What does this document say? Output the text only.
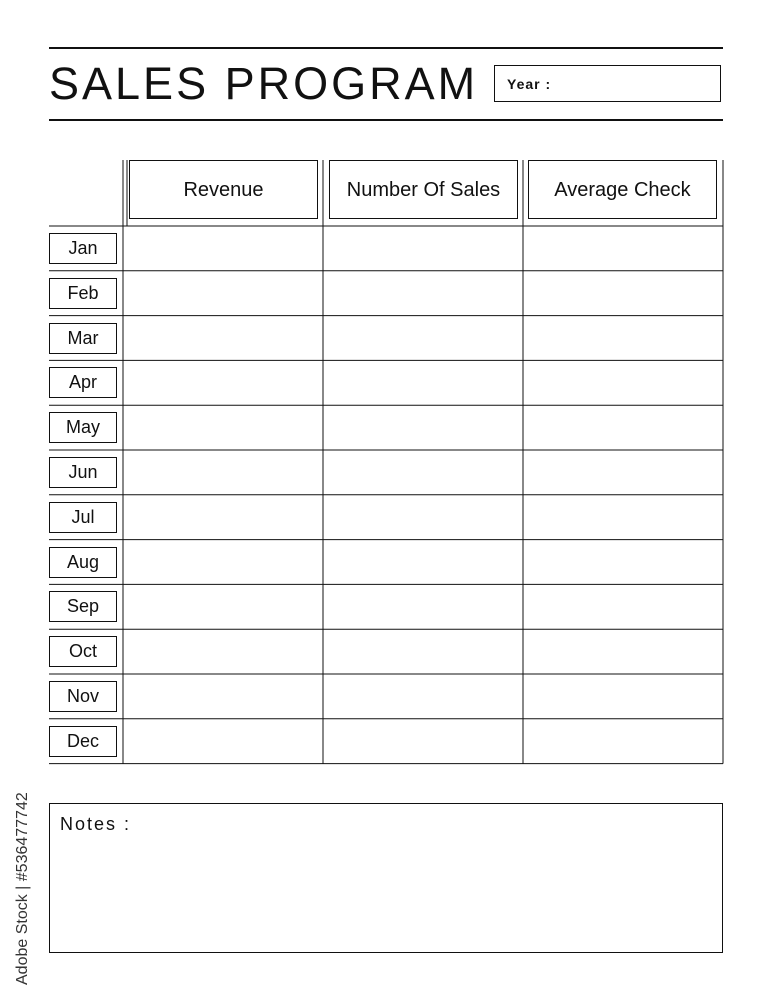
SALES PROGRAM Year :
Revenue	Number Of Sales	Average Check
Jan
Feb
Mar
Apr
May
Jun
Jul
Aug
Sep
Oct
Nov
Dec
Notes :
Adobe Stock | #536477742
